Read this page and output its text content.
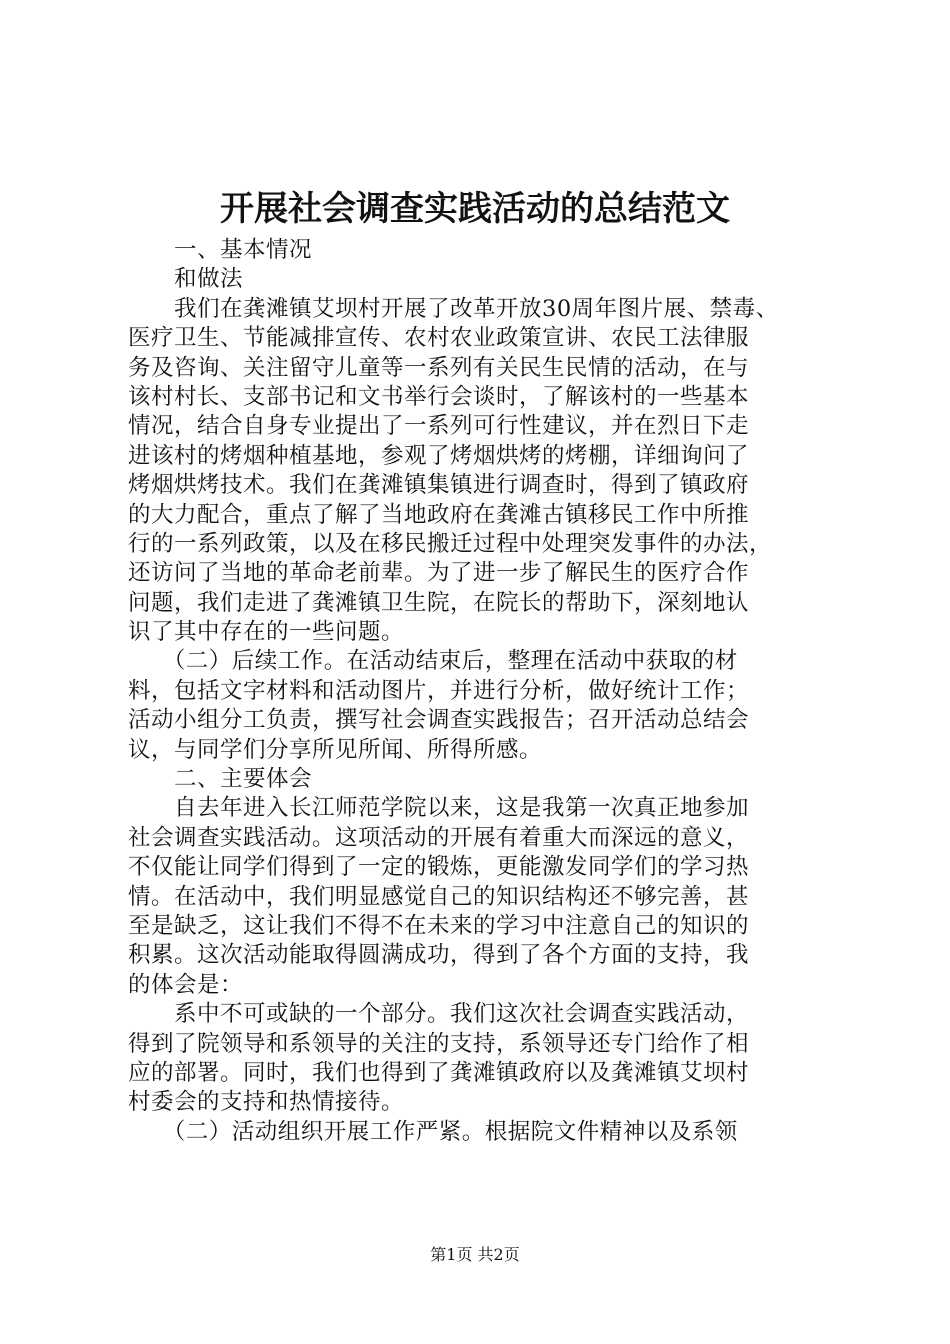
开展社会调查实践活动的总结范文
　　一、基本情况
　　和做法
　　我们在龚滩镇艾坝村开展了改革开放30周年图片展、禁毒、
医疗卫生、节能减排宣传、农村农业政策宣讲、农民工法律服
务及咨询、关注留守儿童等一系列有关民生民情的活动，在与
该村村长、支部书记和文书举行会谈时，了解该村的一些基本
情况，结合自身专业提出了一系列可行性建议，并在烈日下走
进该村的烤烟种植基地，参观了烤烟烘烤的烤棚，详细询问了
烤烟烘烤技术。我们在龚滩镇集镇进行调查时，得到了镇政府
的大力配合，重点了解了当地政府在龚滩古镇移民工作中所推
行的一系列政策，以及在移民搬迁过程中处理突发事件的办法，
还访问了当地的革命老前辈。为了进一步了解民生的医疗合作
问题，我们走进了龚滩镇卫生院，在院长的帮助下，深刻地认
识了其中存在的一些问题。
　　（二）后续工作。在活动结束后，整理在活动中获取的材
料，包括文字材料和活动图片，并进行分析，做好统计工作；
活动小组分工负责，撰写社会调查实践报告；召开活动总结会
议，与同学们分享所见所闻、所得所感。
　　二、主要体会
　　自去年进入长江师范学院以来，这是我第一次真正地参加
社会调查实践活动。这项活动的开展有着重大而深远的意义，
不仅能让同学们得到了一定的锻炼，更能激发同学们的学习热
情。在活动中，我们明显感觉自己的知识结构还不够完善，甚
至是缺乏，这让我们不得不在未来的学习中注意自己的知识的
积累。这次活动能取得圆满成功，得到了各个方面的支持，我
的体会是：
　　系中不可或缺的一个部分。我们这次社会调查实践活动，
得到了院领导和系领导的关注的支持，系领导还专门给作了相
应的部署。同时，我们也得到了龚滩镇政府以及龚滩镇艾坝村
村委会的支持和热情接待。
　　（二）活动组织开展工作严紧。根据院文件精神以及系领
第1页 共2页
